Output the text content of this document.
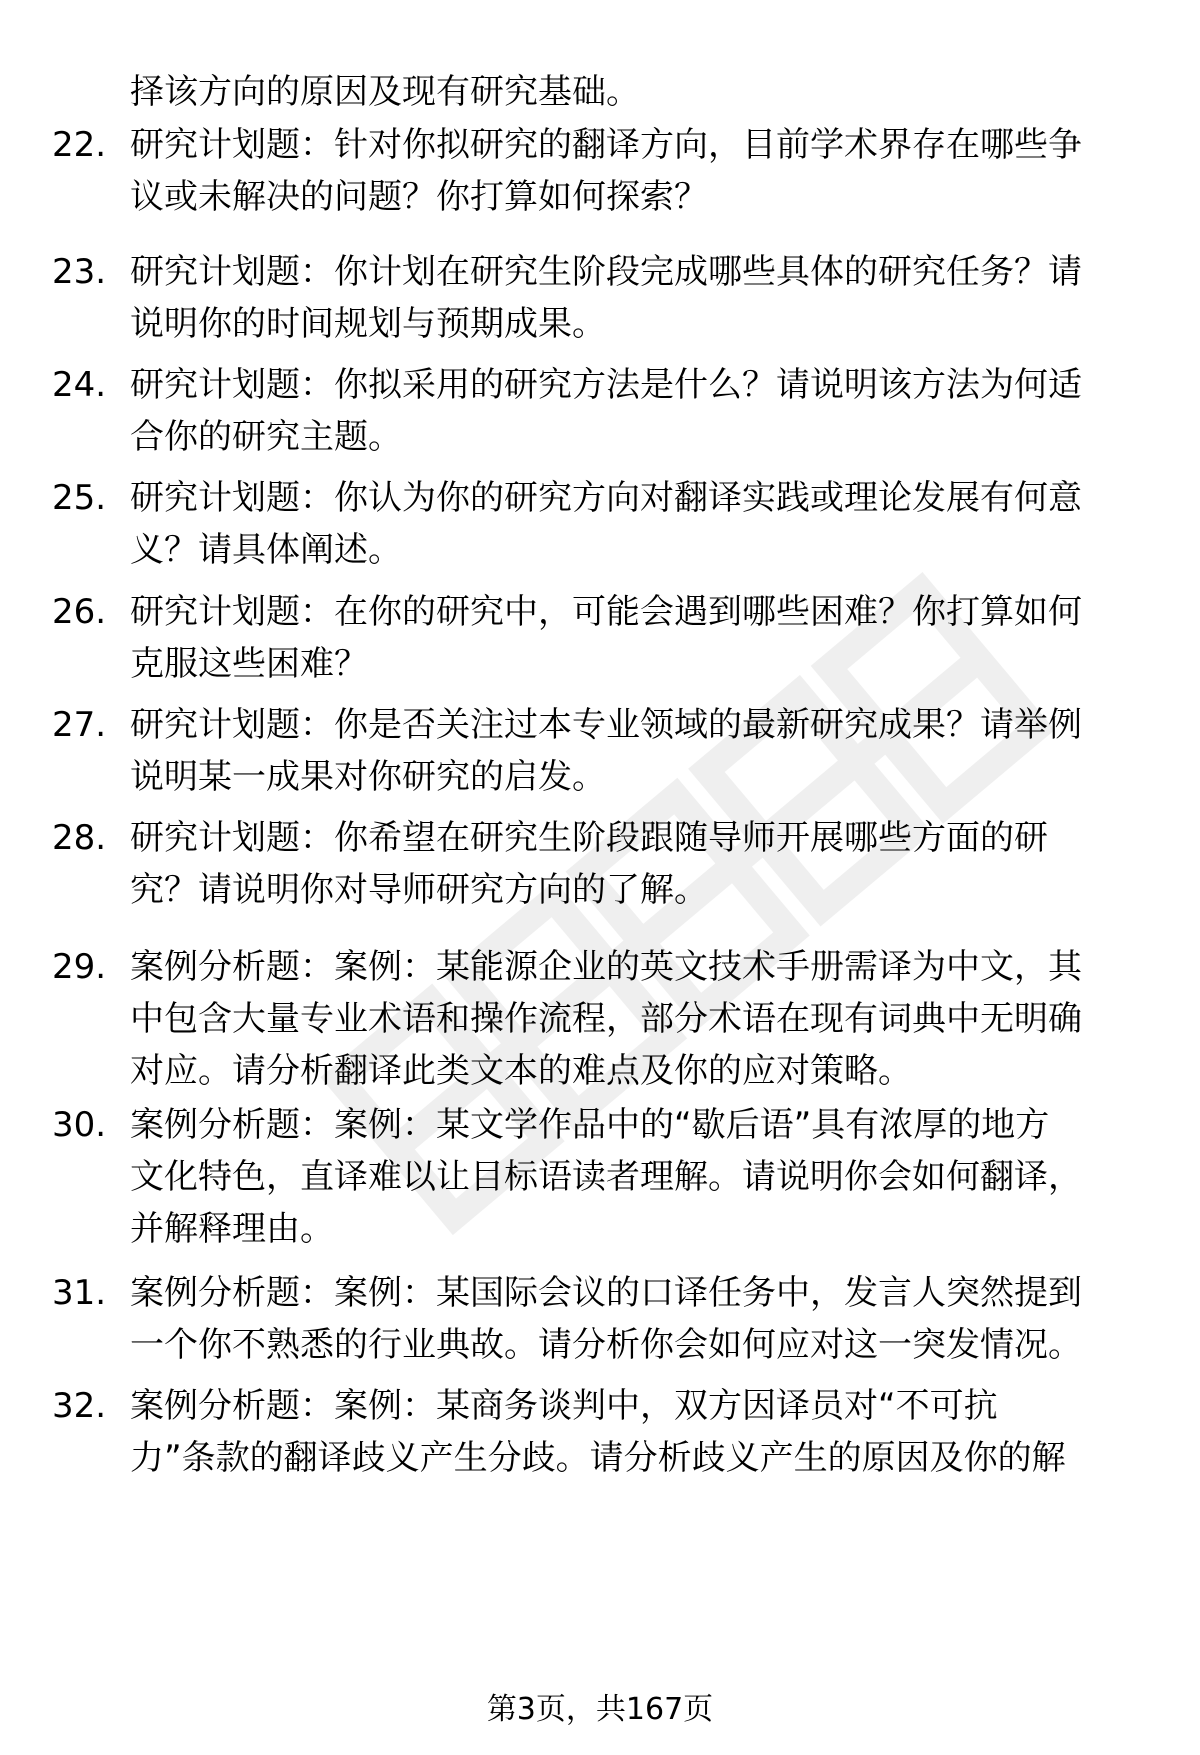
择该方向的原因及现有研究基础。
22. 研究计划题：针对你拟研究的翻译方向，目前学术界存在哪些争
议或未解决的问题？你打算如何探索？
23. 研究计划题：你计划在研究生阶段完成哪些具体的研究任务？请
说明你的时间规划与预期成果。
24. 研究计划题：你拟采用的研究方法是什么？请说明该方法为何适
合你的研究主题。
25. 研究计划题：你认为你的研究方向对翻译实践或理论发展有何意
义？请具体阐述。
26. 研究计划题：在你的研究中，可能会遇到哪些困难？你打算如何
克服这些困难？
27. 研究计划题：你是否关注过本专业领域的最新研究成果？请举例
说明某一成果对你研究的启发。
28. 研究计划题：你希望在研究生阶段跟随导师开展哪些方面的研
究？请说明你对导师研究方向的了解。
29. 案例分析题：案例：某能源企业的英文技术手册需译为中文，其
中包含大量专业术语和操作流程，部分术语在现有词典中无明确
对应。请分析翻译此类文本的难点及你的应对策略。
30. 案例分析题：案例：某文学作品中的“歇后语”具有浓厚的地方
文化特色，直译难以让目标语读者理解。请说明你会如何翻译，
并解释理由。
31. 案例分析题：案例：某国际会议的口译任务中，发言人突然提到
一个你不熟悉的行业典故。请分析你会如何应对这一突发情况。
32. 案例分析题：案例：某商务谈判中，双方因译员对“不可抗
力”条款的翻译歧义产生分歧。请分析歧义产生的原因及你的解
第3页，共167页
